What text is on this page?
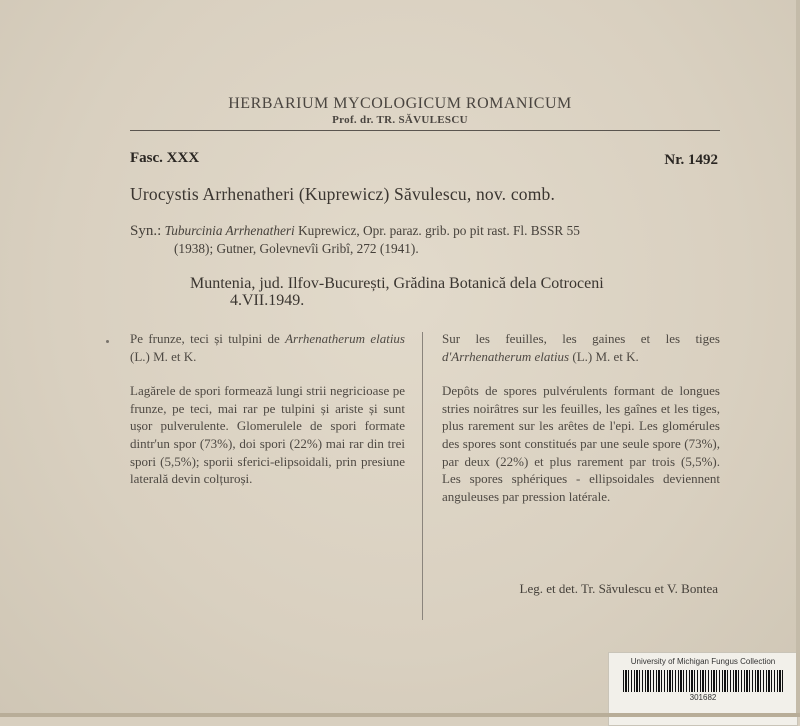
HERBARIUM MYCOLOGICUM ROMANICUM
Prof. dr. TR. SĂVULESCU
Fasc. XXX	Nr. 1492
Urocystis Arrhenatheri (Kuprewicz) Săvulescu, nov. comb.
Syn.: Tuburcinia Arrhenatheri Kuprewicz, Opr. paraz. grib. po pit rast. Fl. BSSR 55
(1938); Gutner, Golevnevîi Gribî, 272 (1941).
Muntenia, jud. Ilfov-București, Grădina Botanică dela Cotroceni
4.VII.1949.

Pe frunze, teci și tulpini de Arrhenatherum elatius (L.) M. et K.

Lagărele de spori formează lungi strii negricioase pe frunze, pe teci, mai rar pe tulpini și ariste și sunt ușor pulverulente. Glomerulele de spori formate dintr'un spor (73%), doi spori (22%) mai rar din trei spori (5,5%); sporii sferici-elipsoidali, prin presiune laterală devin colțuroși.

Sur les feuilles, les gaines et les tiges d'Arrhenatherum elatius (L.) M. et K.

Depôts de spores pulvérulents formant de longues stries noirâtres sur les feuilles, les gaînes et les tiges, plus rarement sur les arêtes de l'epi. Les glomérules des spores sont constitués par une seule spore (73%), par deux (22%) et plus rarement par trois (5,5%). Les spores sphériques - ellipsoidales deviennent anguleuses par pression latérale.

Leg. et det. Tr. Săvulescu et V. Bontea
University of Michigan Fungus Collection
301682
